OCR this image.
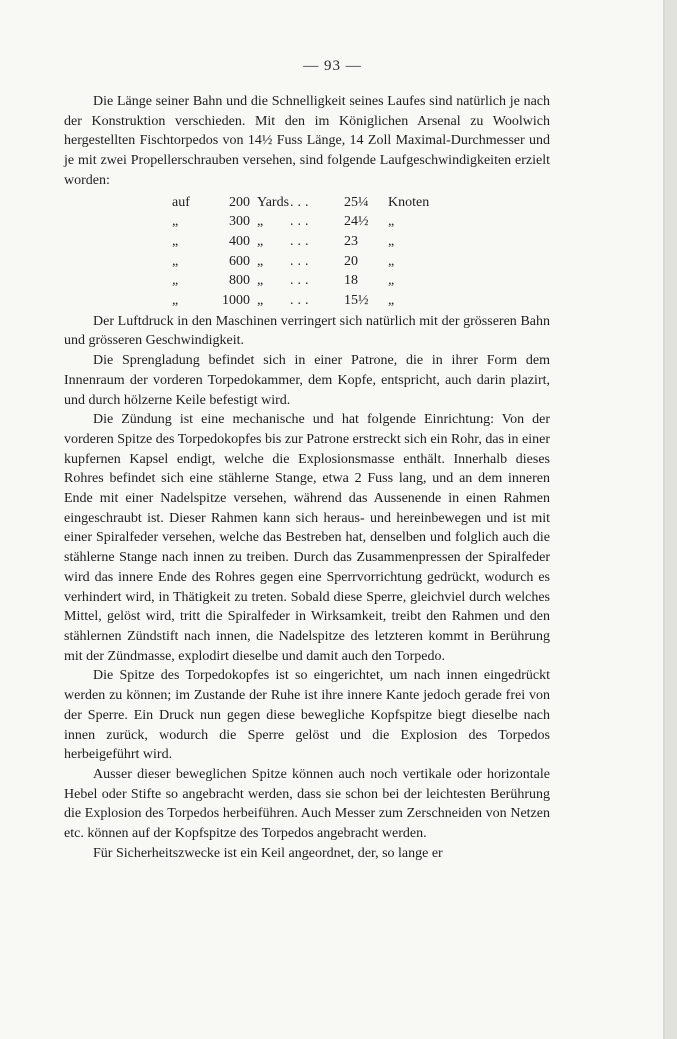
— 93 —

Die Länge seiner Bahn und die Schnelligkeit seines Laufes sind natürlich je nach der Konstruktion verschieden. Mit den im Königlichen Arsenal zu Woolwich hergestellten Fischtorpedos von 14½ Fuss Länge, 14 Zoll Maximal-Durchmesser und je mit zwei Propellerschrauben versehen, sind folgende Laufgeschwindigkeiten erzielt worden:

auf	200	Yards	...	25¼	Knoten
„	300	„	...	24½	„
„	400	„	...	23	„
„	600	„	...	20	„
„	800	„	...	18	„
„	1000	„	...	15½	„

Der Luftdruck in den Maschinen verringert sich natürlich mit der grösseren Bahn und grösseren Geschwindigkeit.

Die Sprengladung befindet sich in einer Patrone, die in ihrer Form dem Innenraum der vorderen Torpedokammer, dem Kopfe, entspricht, auch darin plazirt, und durch hölzerne Keile befestigt wird.

Die Zündung ist eine mechanische und hat folgende Einrichtung: Von der vorderen Spitze des Torpedokopfes bis zur Patrone erstreckt sich ein Rohr, das in einer kupfernen Kapsel endigt, welche die Explosionsmasse enthält. Innerhalb dieses Rohres befindet sich eine stählerne Stange, etwa 2 Fuss lang, und an dem inneren Ende mit einer Nadelspitze versehen, während das Aussenende in einen Rahmen eingeschraubt ist. Dieser Rahmen kann sich heraus- und hereinbewegen und ist mit einer Spiralfeder versehen, welche das Bestreben hat, denselben und folglich auch die stählerne Stange nach innen zu treiben. Durch das Zusammenpressen der Spiralfeder wird das innere Ende des Rohres gegen eine Sperrvorrichtung gedrückt, wodurch es verhindert wird, in Thätigkeit zu treten. Sobald diese Sperre, gleichviel durch welches Mittel, gelöst wird, tritt die Spiralfeder in Wirksamkeit, treibt den Rahmen und den stählernen Zündstift nach innen, die Nadelspitze des letzteren kommt in Berührung mit der Zündmasse, explodirt dieselbe und damit auch den Torpedo.

Die Spitze des Torpedokopfes ist so eingerichtet, um nach innen eingedrückt werden zu können; im Zustande der Ruhe ist ihre innere Kante jedoch gerade frei von der Sperre. Ein Druck nun gegen diese bewegliche Kopfspitze biegt dieselbe nach innen zurück, wodurch die Sperre gelöst und die Explosion des Torpedos herbeigeführt wird.

Ausser dieser beweglichen Spitze können auch noch vertikale oder horizontale Hebel oder Stifte so angebracht werden, dass sie schon bei der leichtesten Berührung die Explosion des Torpedos herbeiführen. Auch Messer zum Zerschneiden von Netzen etc. können auf der Kopfspitze des Torpedos angebracht werden.

Für Sicherheitszwecke ist ein Keil angeordnet, der, so lange er
